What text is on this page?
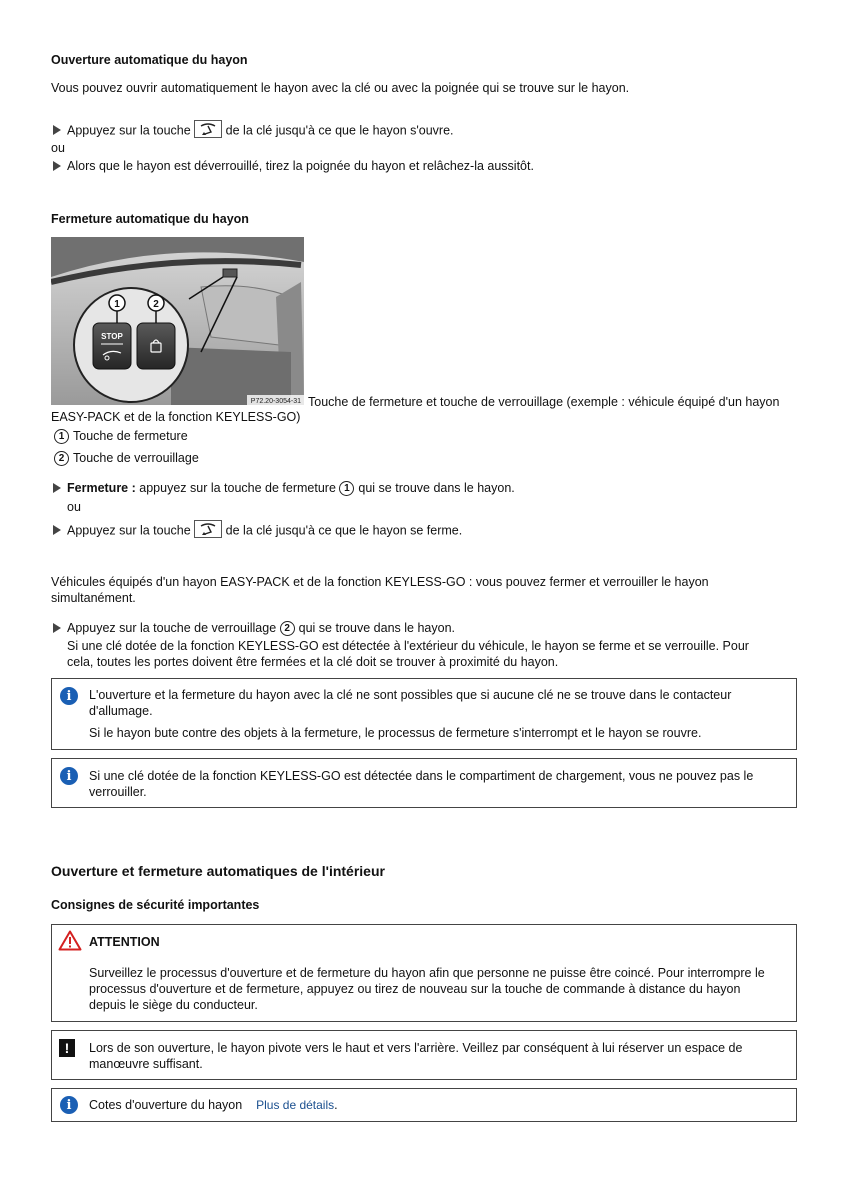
Ouverture automatique du hayon
Vous pouvez ouvrir automatiquement le hayon avec la clé ou avec la poignée qui se trouve sur le hayon.
Appuyez sur la touche	de la clé jusqu'à ce que le hayon s'ouvre.
ou
Alors que le hayon est déverrouillé, tirez la poignée du hayon et relâchez-la aussitôt.
Fermeture automatique du hayon
STOP
1	2
P72.20-3054-31 Touche de fermeture et touche de verrouillage (exemple : véhicule équipé d'un hayon
EASY-PACK et de la fonction KEYLESS-GO)
1 Touche de fermeture
2 Touche de verrouillage
Fermeture : appuyez sur la touche de fermeture 1 qui se trouve dans le hayon.
ou
Appuyez sur la touche	de la clé jusqu'à ce que le hayon se ferme.
Véhicules équipés d'un hayon EASY-PACK et de la fonction KEYLESS-GO : vous pouvez fermer et verrouiller le hayon
simultanément.
Appuyez sur la touche de verrouillage 2 qui se trouve dans le hayon.
Si une clé dotée de la fonction KEYLESS-GO est détectée à l'extérieur du véhicule, le hayon se ferme et se verrouille. Pour
cela, toutes les portes doivent être fermées et la clé doit se trouver à proximité du hayon.
i	L'ouverture et la fermeture du hayon avec la clé ne sont possibles que si aucune clé ne se trouve dans le contacteur
d'allumage.
Si le hayon bute contre des objets à la fermeture, le processus de fermeture s'interrompt et le hayon se rouvre.
i	Si une clé dotée de la fonction KEYLESS-GO est détectée dans le compartiment de chargement, vous ne pouvez pas le
verrouiller.
Ouverture et fermeture automatiques de l'intérieur
Consignes de sécurité importantes
ATTENTION
Surveillez le processus d'ouverture et de fermeture du hayon afin que personne ne puisse être coincé. Pour interrompre le
processus d'ouverture et de fermeture, appuyez ou tirez de nouveau sur la touche de commande à distance du hayon
depuis le siège du conducteur.
!	Lors de son ouverture, le hayon pivote vers le haut et vers l'arrière. Veillez par conséquent à lui réserver un espace de
manœuvre suffisant.
i	Cotes d'ouverture du hayon Plus de détails.
